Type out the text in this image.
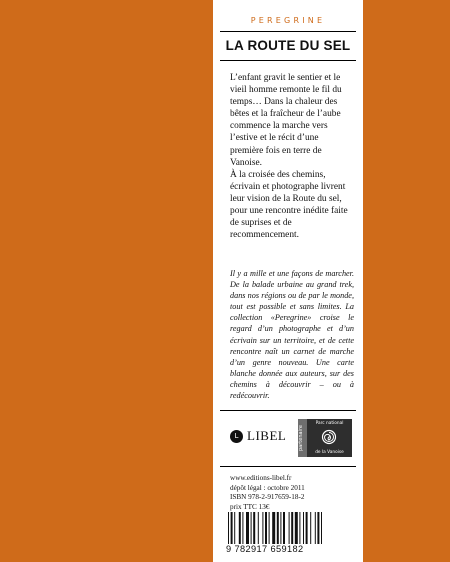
PEREGRINE
LA ROUTE DU SEL

L’enfant gravit le sentier et le vieil homme remonte le fil du temps… Dans la chaleur des bêtes et la fraîcheur de l’aube commence la marche vers l’estive et le récit d’une première fois en terre de Vanoise.

À la croisée des chemins, écrivain et photographe livrent leur vision de la Route du sel, pour une rencontre inédite faite de suprises et de recommencement.

Il y a mille et une façons de marcher. De la balade urbaine au grand trek, dans nos régions ou de par le monde, tout est possible et sans limites. La collection «Peregrine» croise le regard d’un photographe et d’un écrivain sur un territoire, et de cette rencontre naît un carnet de marche d’un genre nouveau. Une carte blanche donnée aux auteurs, sur des chemins à découvrir – ou à redécouvrir.

L LIBEL partenaire
Parc national
de la Vanoise
www.editions-libel.fr
dépôt légal : octobre 2011
ISBN 978-2-917659-18-2
prix TTC 13€
9 782917 659182
